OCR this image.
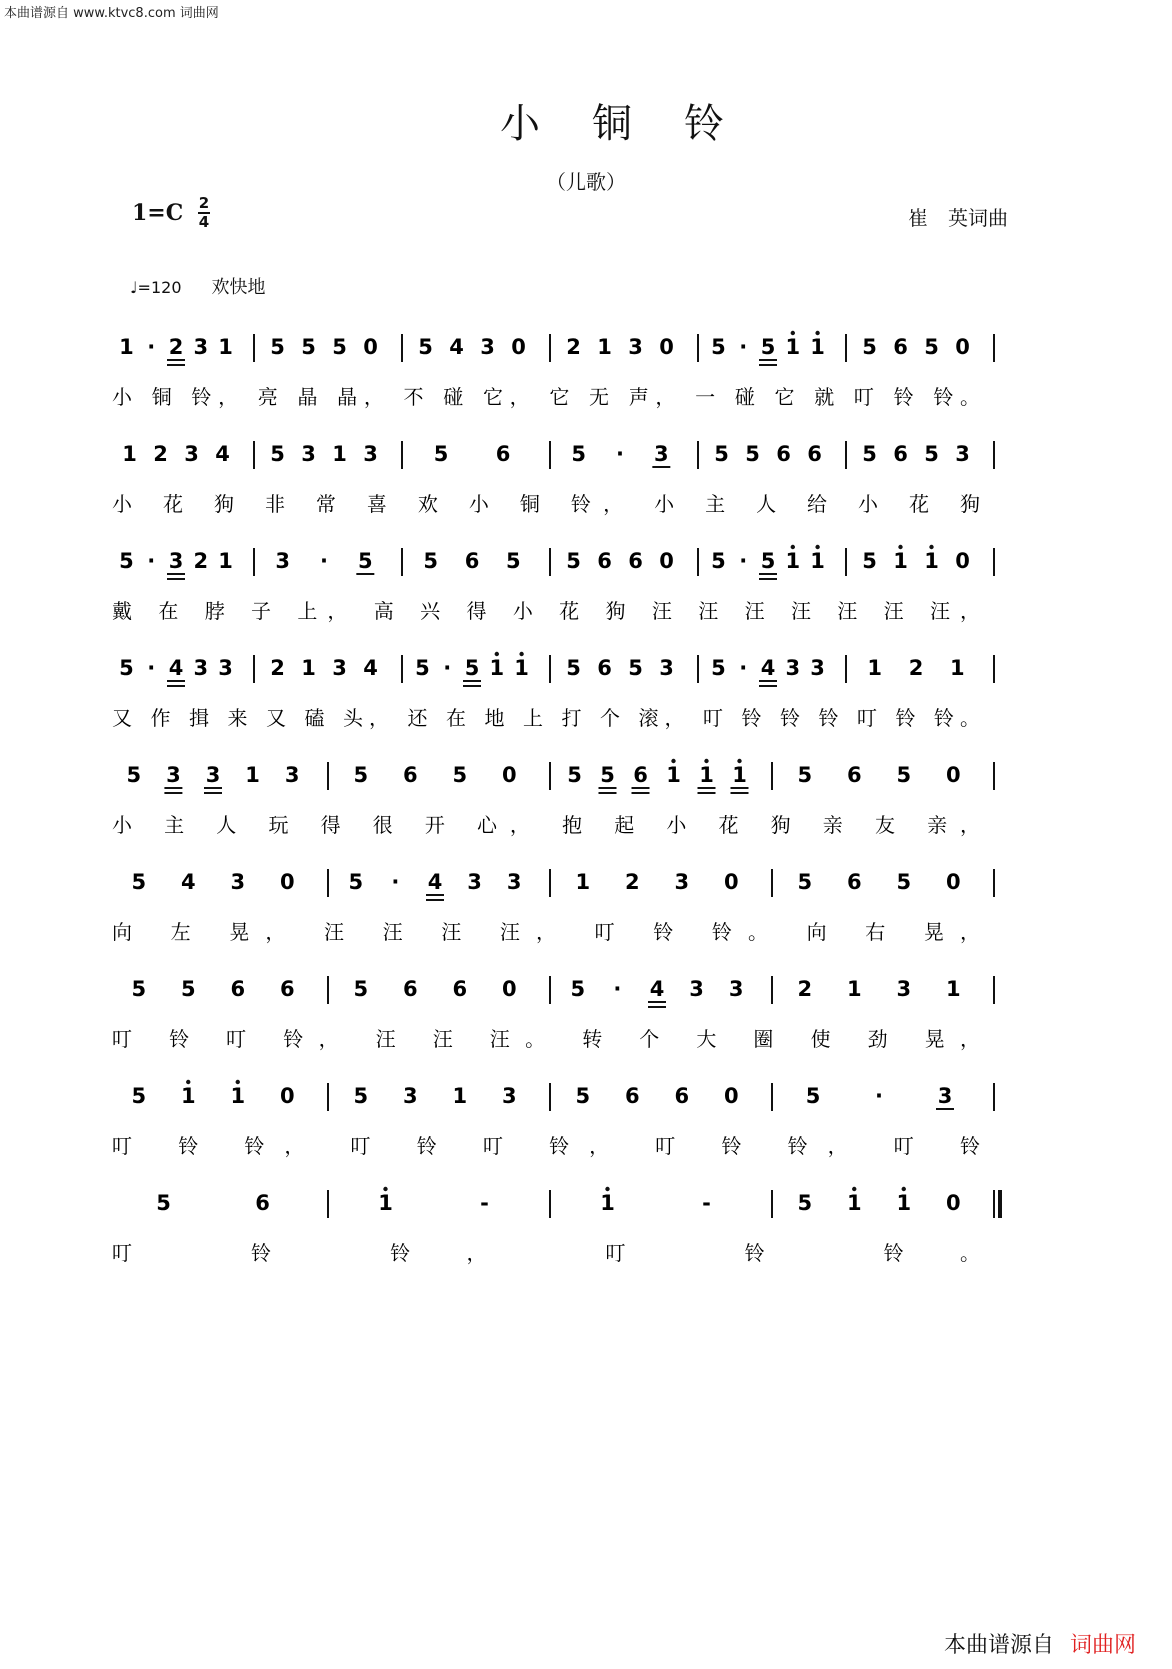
本曲谱源自 www.ktvc8.com 词曲网
小铜铃
（儿歌）
1=C 2
4	崔　英词曲
♩=120 欢快地
1 · 2 3 1 5 5 5 0 5 4 3 0 2 1 3 0 5 · 5 1 1 5 6 5 0
小 铜 铃， 亮 晶 晶， 不 碰 它， 它 无 声， 一 碰 它 就 叮 铃 铃。
1 2 3 4 5 3 1 3	5 6	5 · 3 5 5 6 6 5 6 5 3
小 花 狗 非 常 喜 欢 小 铜 铃， 小 主 人 给 小 花 狗
5 · 3 2 1 3 · 5 5 6 5 5 6 6 0 5 · 5 1 1 5 1 1 0
戴 在 脖 子 上， 高 兴 得 小 花 狗 汪 汪 汪 汪 汪 汪 汪，
5 · 4 3 3 2 1 3 4 5 · 5 1 1 5 6 5 3 5 · 4 3 3 1 2 1
又 作 揖 来 又 磕 头， 还 在 地 上 打 个 滚， 叮 铃 铃 铃 叮 铃 铃。
5 3 3 1 3	5 6 5 0 5 5 6 1 1 1 5 6 5 0
小 主 人 玩 得 很 开 心， 抱 起 小 花 狗 亲 友 亲，
5 4 3 0	5 · 4 3 3	1 2 3 0	5 6 5 0
向 左 晃， 汪 汪 汪 汪， 叮 铃 铃。 向 右 晃，
5 5 6 6	5 6 6 0	5 · 4 3 3	2 1 3 1
叮 铃 叮 铃， 汪 汪 汪。 转 个 大 圈 使 劲 晃，
5 1 1 0	5 3 1 3	5 6 6 0	5	·	3
叮 铃 铃， 叮 铃 叮 铃， 叮 铃 铃， 叮 铃
5	6	1	-	1	-	5 1 1 0
叮 铃 铃， 叮 铃 铃。
本曲谱源自 词曲网
